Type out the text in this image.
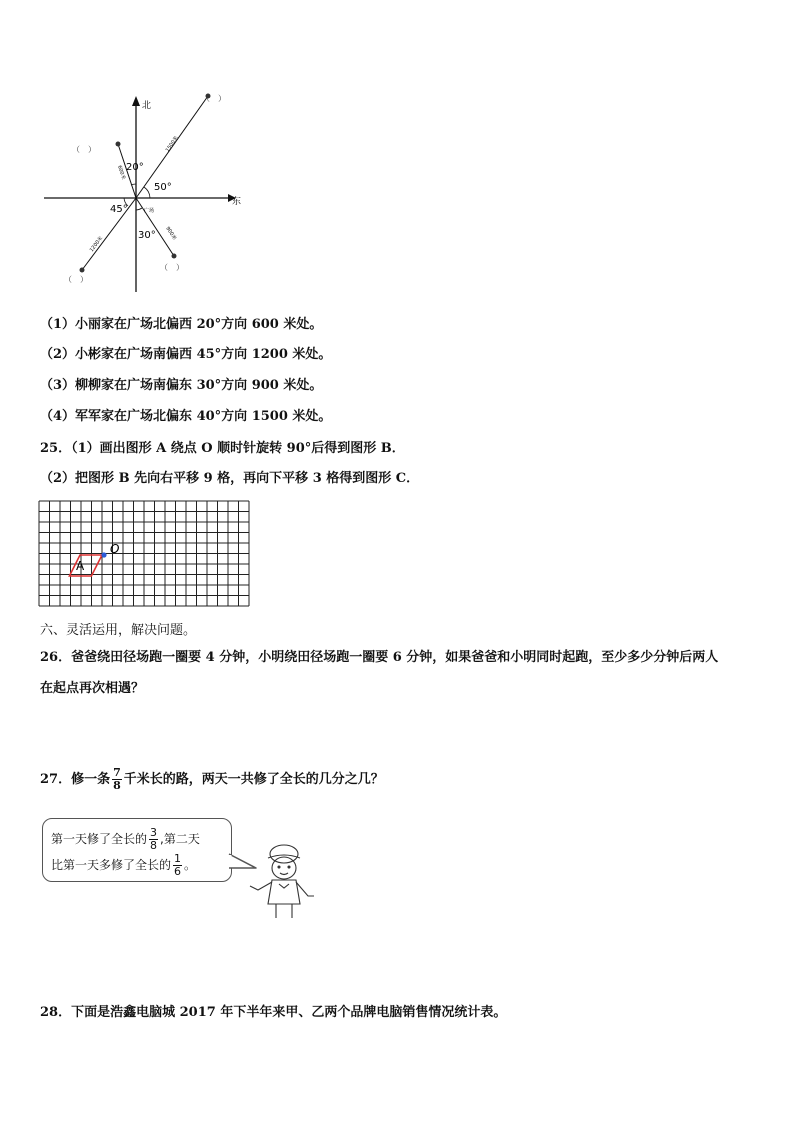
北
东
20°
50°
45°
30°
广场
1500米
600米
1200米
900米
（　）
（　）
（　）
（　）
（1）小丽家在广场北偏西 20°方向 600 米处。
（2）小彬家在广场南偏西 45°方向 1200 米处。
（3）柳柳家在广场南偏东 30°方向 900 米处。
（4）军军家在广场北偏东 40°方向 1500 米处。
25．（1）画出图形 A 绕点 O 顺时针旋转 90°后得到图形 B．
（2）把图形 B 先向右平移 9 格，再向下平移 3 格得到图形 C．
O
A
六、灵活运用，解决问题。
26．爸爸绕田径场跑一圈要 4 分钟，小明绕田径场跑一圈要 6 分钟，如果爸爸和小明同时起跑，至少多少分钟后两人
在起点再次相遇？
27．修一条 $\frac{7}{8}$ 千米长的路，两天一共修了全长的几分之几？
第一天修了全长的 $\frac{3}{8}$ ,第二天
比第一天多修了全长的 $\frac{1}{6}$ 。
28．下面是浩鑫电脑城 2017 年下半年来甲、乙两个品牌电脑销售情况统计表。
